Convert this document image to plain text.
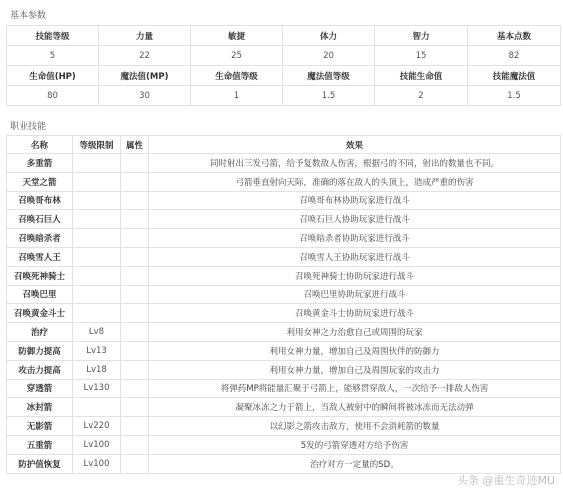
基本参数
技能等级	力量	敏捷	体力	智力	基本点数
5	22	25	20	15	82
生命值(HP)	魔法值(MP)	生命值等级	魔法值等级	技能生命值	技能魔法值
80	30	1	1.5	2	1.5
职业技能
名称	等级限制	属性	效果
多重箭			同时射出三发弓箭，给予复数敌人伤害，根据弓的不同，射出的数量也不同。
天堂之箭			弓箭垂直射向天际，准确的落在敌人的头顶上，造成严重的伤害
召唤哥布林			召唤哥布林协助玩家进行战斗
召唤石巨人			召唤石巨人协助玩家进行战斗
召唤暗杀者			召唤暗杀者协助玩家进行战斗
召唤雪人王			召唤雪人王协助玩家进行战斗
召唤死神骑士			召唤死神骑士协助玩家进行战斗
召唤巴里			召唤巴里协助玩家进行战斗
召唤黄金斗士			召唤黄金斗士协助玩家进行战斗
治疗	Lv8		利用女神之力治愈自己或周围的玩家
防御力提高	Lv13		利用女神力量，增加自己及周围伙伴的防御力
攻击力提高	Lv18		利用女神力量，增加自己及周围玩家的攻击力
穿透箭	Lv130		将弹药MP将能量汇聚于弓箭上，能够贯穿敌人，一次给予一排敌人伤害
冰封箭			凝聚冰冻之力于箭上，当敌人被射中的瞬间将被冰冻而无法动弹
无影箭	Lv220		以幻影之箭攻击敌方，使用不会消耗箭的数量
五重箭	Lv100		5发的弓箭穿透对方给予伤害
防护值恢复	Lv100		治疗对方一定量的SD。
头条 @重生奇迹MU
